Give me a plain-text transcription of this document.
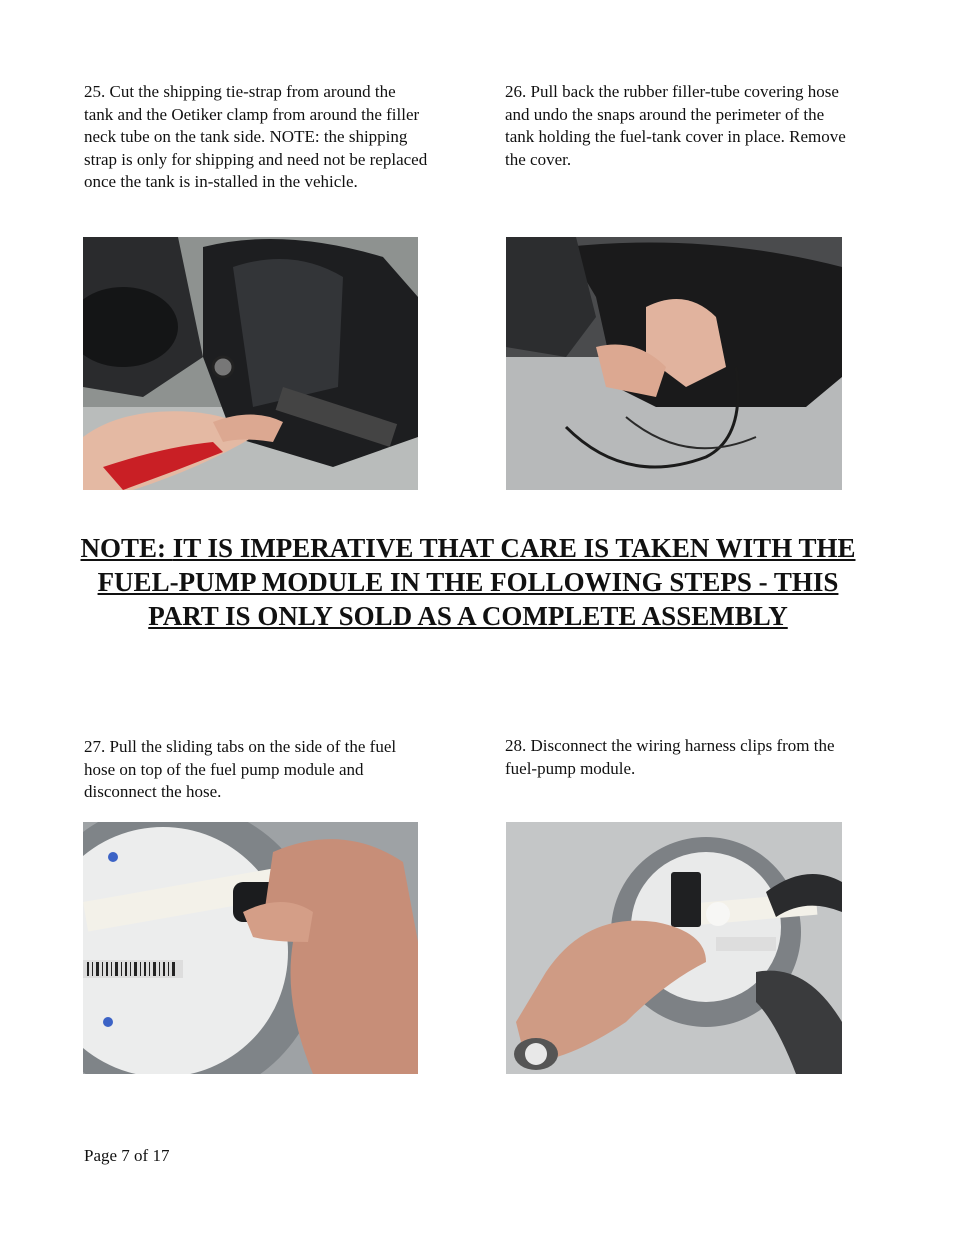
25. Cut the shipping tie-strap from around the tank and the Oetiker clamp from around the filler neck tube on the tank side. NOTE: the shipping strap is only for shipping and need not be replaced once the tank is in-stalled in the vehicle.

26. Pull back the rubber filler-tube covering hose and undo the snaps around the perimeter of the tank holding the fuel-tank cover in place. Remove the cover.

NOTE: IT IS IMPERATIVE THAT CARE IS TAKEN WITH THE FUEL-PUMP MODULE IN THE FOLLOWING STEPS - THIS PART IS ONLY SOLD AS A COMPLETE ASSEMBLY

27. Pull the sliding tabs on the side of the fuel hose on top of the fuel pump module and disconnect the hose.

28. Disconnect the wiring harness clips from the fuel-pump module.

Page 7 of 17
